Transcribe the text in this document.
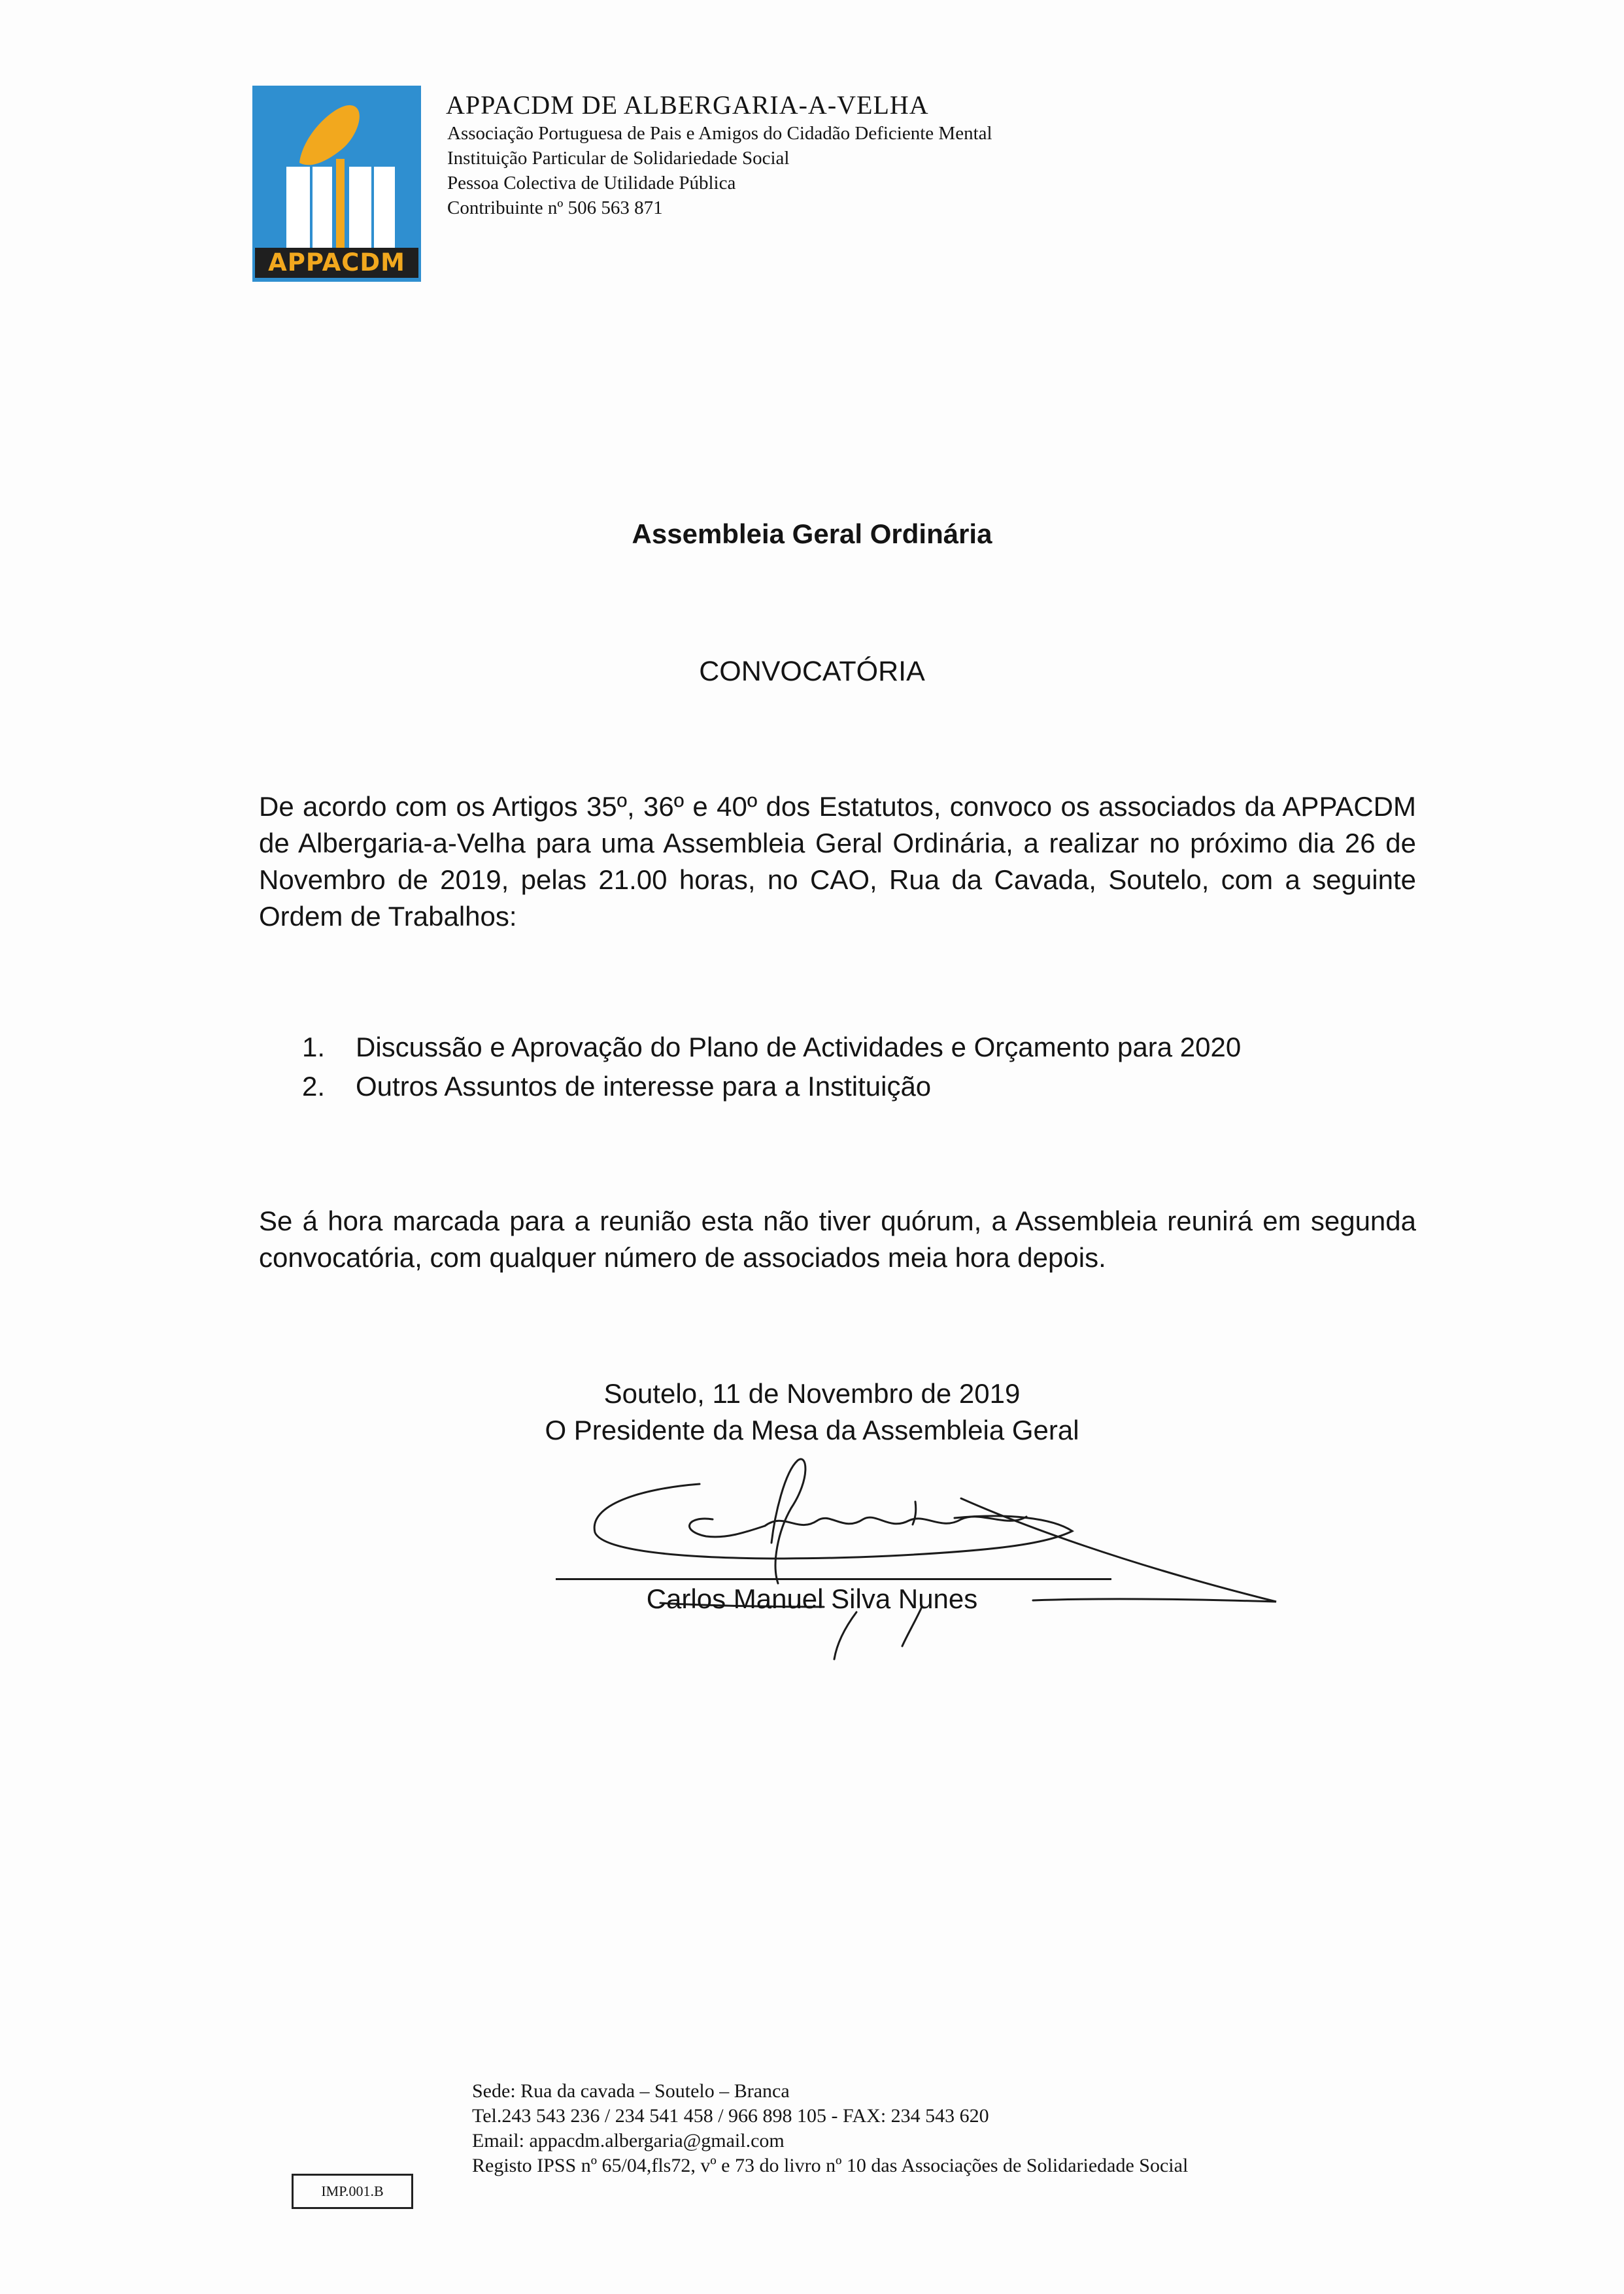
APPACDM
APPACDM DE ALBERGARIA-A-VELHA
Associação Portuguesa de Pais e Amigos do Cidadão Deficiente Mental
Instituição Particular de Solidariedade Social
Pessoa Colectiva de Utilidade Pública
Contribuinte nº 506 563 871
Assembleia Geral Ordinária
CONVOCATÓRIA
De acordo com os Artigos 35º, 36º e 40º dos Estatutos, convoco os associados da APPACDM de Albergaria-a-Velha para uma Assembleia Geral Ordinária, a realizar no próximo dia 26 de Novembro de 2019, pelas 21.00 horas, no CAO, Rua da Cavada, Soutelo, com a seguinte Ordem de Trabalhos:
1. Discussão e Aprovação do Plano de Actividades e Orçamento para 2020
2. Outros Assuntos de interesse para a Instituição
Se á hora marcada para a reunião esta não tiver quórum, a Assembleia reunirá em segunda convocatória, com qualquer número de associados meia hora depois.
Soutelo, 11 de Novembro de 2019
O Presidente da Mesa da Assembleia Geral
Carlos Manuel Silva Nunes
Sede: Rua da cavada – Soutelo – Branca
Tel.243 543 236 / 234 541 458 / 966 898 105 - FAX: 234 543 620
Email: appacdm.albergaria@gmail.com
Registo IPSS nº 65/04,fls72, vº e 73 do livro nº 10 das Associações de Solidariedade Social
IMP.001.B
